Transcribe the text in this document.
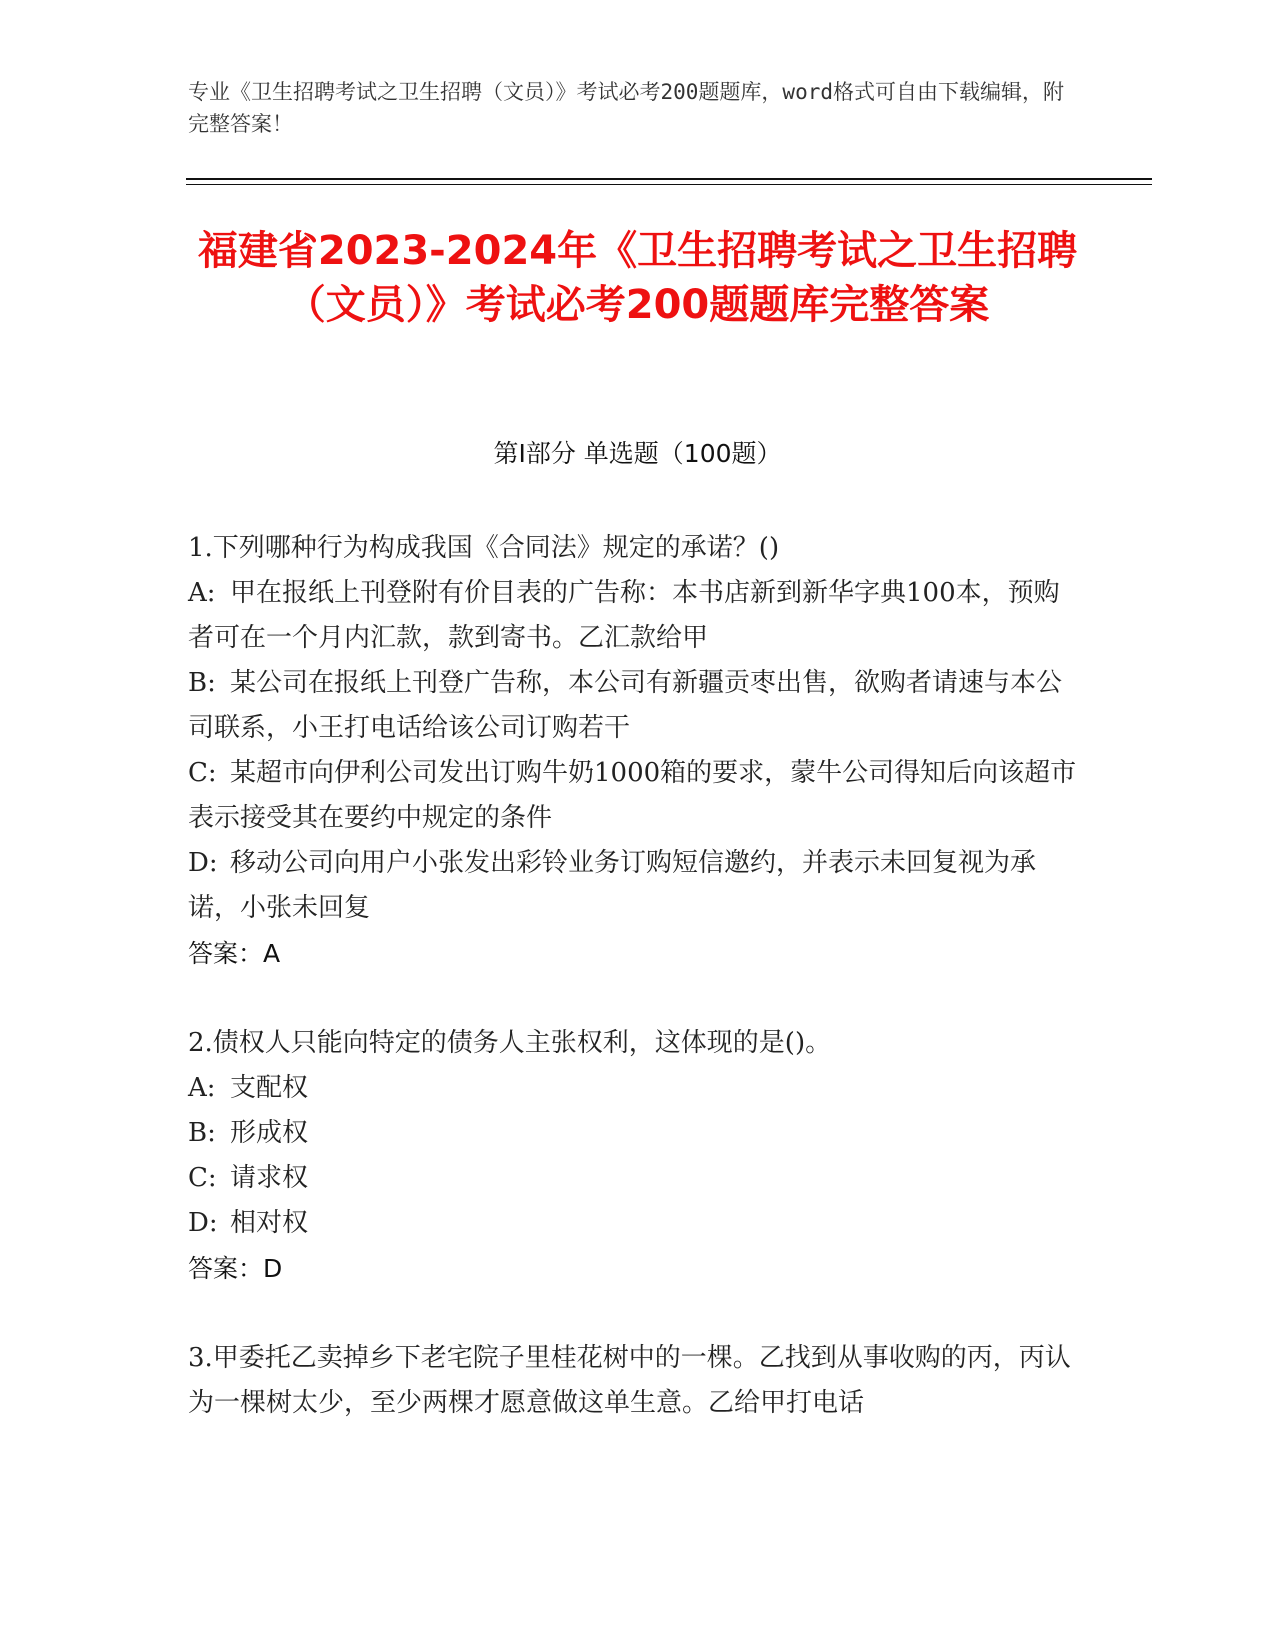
专业《卫生招聘考试之卫生招聘（文员）》考试必考200题题库，word格式可自由下载编辑，附完整答案！
福建省2023-2024年《卫生招聘考试之卫生招聘（文员）》考试必考200题题库完整答案
第Ⅰ部分 单选题（100题）
1.下列哪种行为构成我国《合同法》规定的承诺？()
A: 甲在报纸上刊登附有价目表的广告称：本书店新到新华字典100本，预购者可在一个月内汇款，款到寄书。乙汇款给甲
B: 某公司在报纸上刊登广告称，本公司有新疆贡枣出售，欲购者请速与本公司联系，小王打电话给该公司订购若干
C: 某超市向伊利公司发出订购牛奶1000箱的要求，蒙牛公司得知后向该超市表示接受其在要约中规定的条件
D: 移动公司向用户小张发出彩铃业务订购短信邀约，并表示未回复视为承诺，小张未回复
答案：A
2.债权人只能向特定的债务人主张权利，这体现的是()。
A: 支配权
B: 形成权
C: 请求权
D: 相对权
答案：D
3.甲委托乙卖掉乡下老宅院子里桂花树中的一棵。乙找到从事收购的丙，丙认为一棵树太少，至少两棵才愿意做这单生意。乙给甲打电话
